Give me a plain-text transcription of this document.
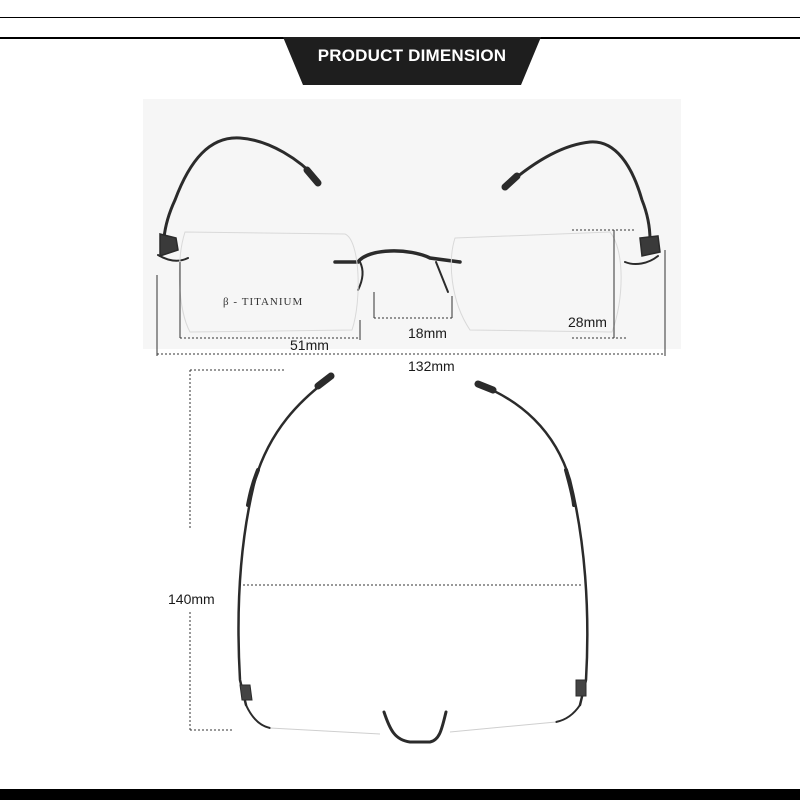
PRODUCT DIMENSION
β - TITANIUM
51mm
18mm
28mm
132mm
140mm
